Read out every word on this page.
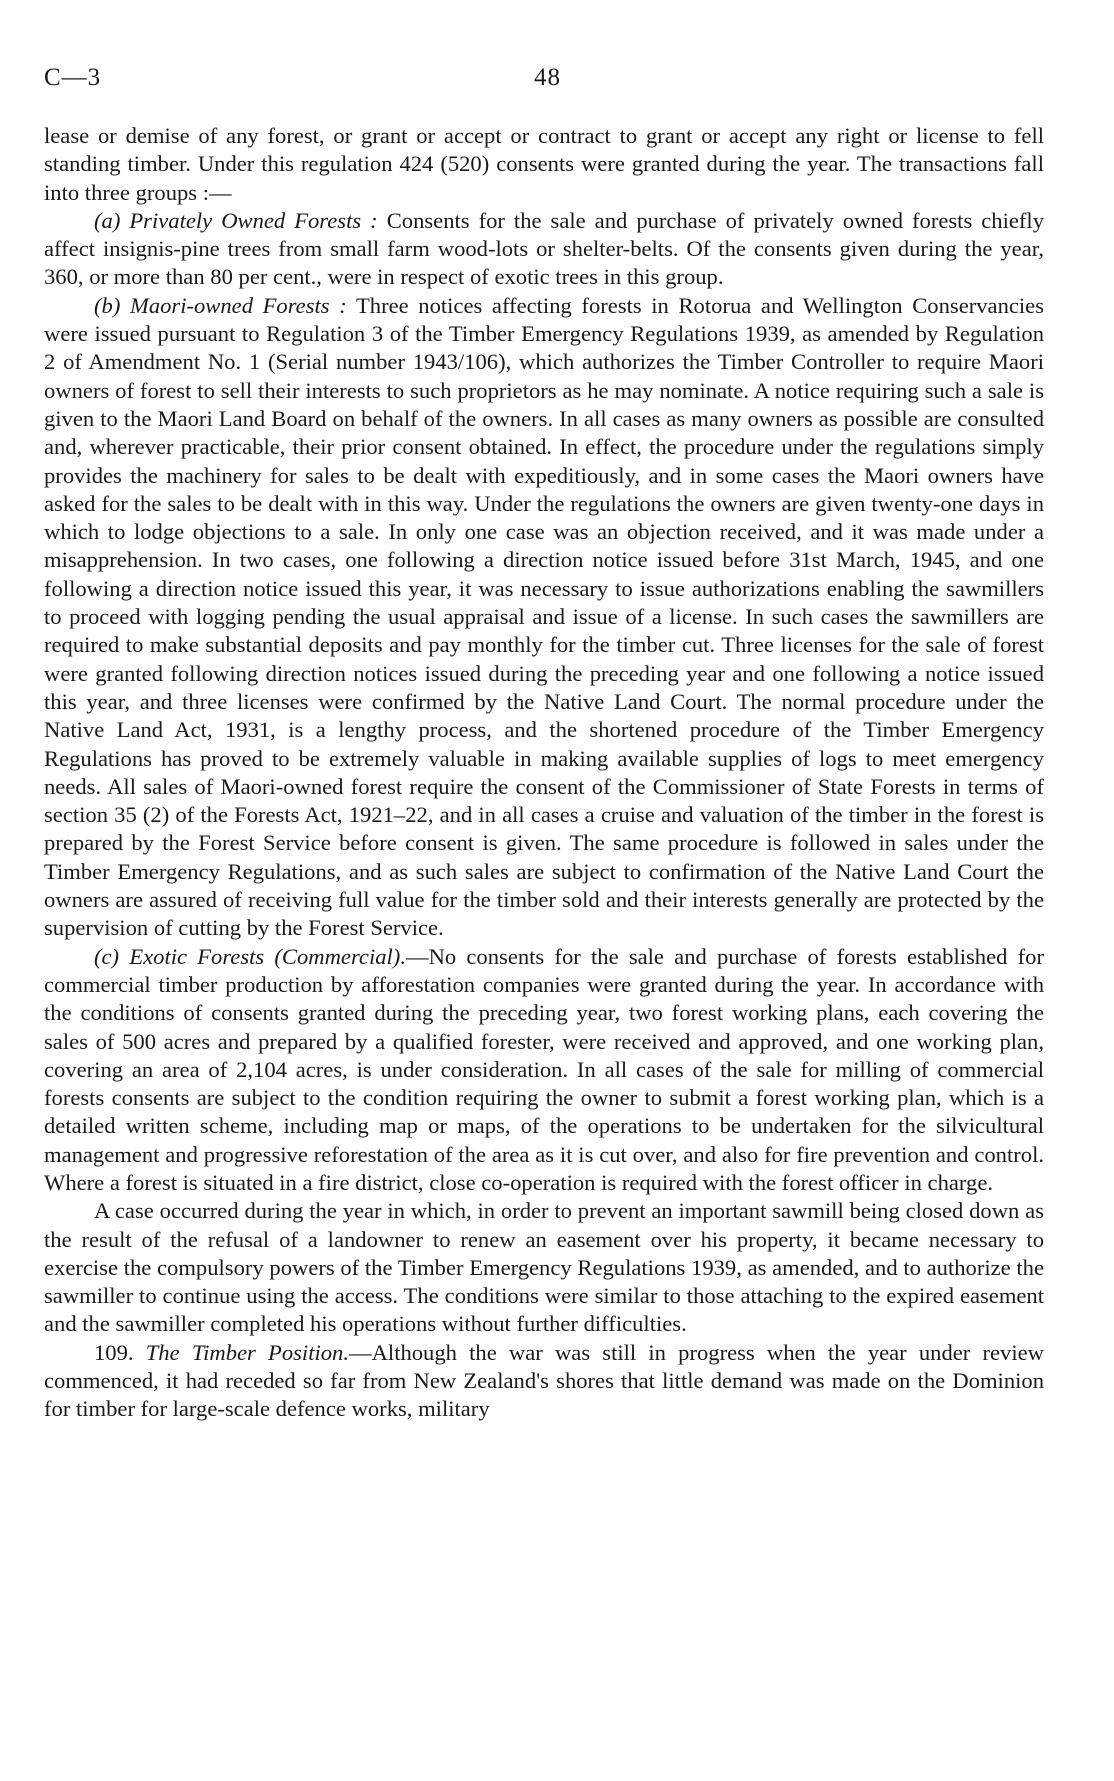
C—3	48

lease or demise of any forest, or grant or accept or contract to grant or accept any right or license to fell standing timber. Under this regulation 424 (520) consents were granted during the year. The transactions fall into three groups :—

(a) Privately Owned Forests : Consents for the sale and purchase of privately owned forests chiefly affect insignis-pine trees from small farm wood-lots or shelter-belts. Of the consents given during the year, 360, or more than 80 per cent., were in respect of exotic trees in this group.

(b) Maori-owned Forests : Three notices affecting forests in Rotorua and Wellington Conservancies were issued pursuant to Regulation 3 of the Timber Emergency Regulations 1939, as amended by Regulation 2 of Amendment No. 1 (Serial number 1943/106), which authorizes the Timber Controller to require Maori owners of forest to sell their interests to such proprietors as he may nominate. A notice requiring such a sale is given to the Maori Land Board on behalf of the owners. In all cases as many owners as possible are consulted and, wherever practicable, their prior consent obtained. In effect, the procedure under the regulations simply provides the machinery for sales to be dealt with expeditiously, and in some cases the Maori owners have asked for the sales to be dealt with in this way. Under the regulations the owners are given twenty-one days in which to lodge objections to a sale. In only one case was an objection received, and it was made under a misapprehension. In two cases, one following a direction notice issued before 31st March, 1945, and one following a direction notice issued this year, it was necessary to issue authorizations enabling the sawmillers to proceed with logging pending the usual appraisal and issue of a license. In such cases the sawmillers are required to make substantial deposits and pay monthly for the timber cut. Three licenses for the sale of forest were granted following direction notices issued during the preceding year and one following a notice issued this year, and three licenses were confirmed by the Native Land Court. The normal procedure under the Native Land Act, 1931, is a lengthy process, and the shortened procedure of the Timber Emergency Regulations has proved to be extremely valuable in making available supplies of logs to meet emergency needs. All sales of Maori-owned forest require the consent of the Commissioner of State Forests in terms of section 35 (2) of the Forests Act, 1921–22, and in all cases a cruise and valuation of the timber in the forest is prepared by the Forest Service before consent is given. The same procedure is followed in sales under the Timber Emergency Regulations, and as such sales are subject to confirmation of the Native Land Court the owners are assured of receiving full value for the timber sold and their interests generally are protected by the supervision of cutting by the Forest Service.

(c) Exotic Forests (Commercial).—No consents for the sale and purchase of forests established for commercial timber production by afforestation companies were granted during the year. In accordance with the conditions of consents granted during the preceding year, two forest working plans, each covering the sales of 500 acres and prepared by a qualified forester, were received and approved, and one working plan, covering an area of 2,104 acres, is under consideration. In all cases of the sale for milling of commercial forests consents are subject to the condition requiring the owner to submit a forest working plan, which is a detailed written scheme, including map or maps, of the operations to be undertaken for the silvicultural management and progressive reforestation of the area as it is cut over, and also for fire prevention and control. Where a forest is situated in a fire district, close co-operation is required with the forest officer in charge.

A case occurred during the year in which, in order to prevent an important sawmill being closed down as the result of the refusal of a landowner to renew an easement over his property, it became necessary to exercise the compulsory powers of the Timber Emergency Regulations 1939, as amended, and to authorize the sawmiller to continue using the access. The conditions were similar to those attaching to the expired easement and the sawmiller completed his operations without further difficulties.

109. The Timber Position.—Although the war was still in progress when the year under review commenced, it had receded so far from New Zealand's shores that little demand was made on the Dominion for timber for large-scale defence works, military
